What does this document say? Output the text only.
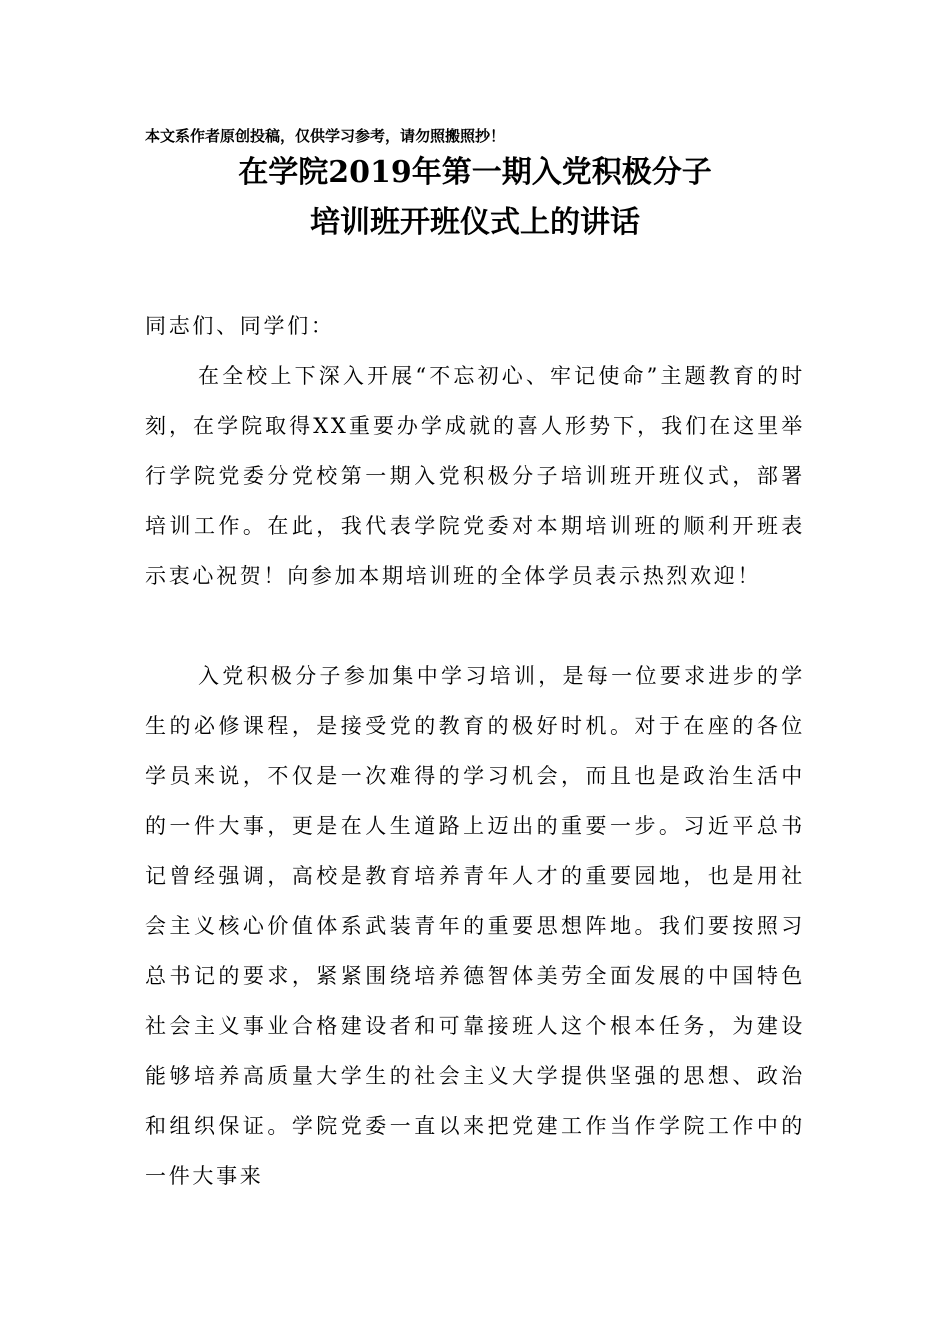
本文系作者原创投稿，仅供学习参考，请勿照搬照抄！
在学院2019年第一期入党积极分子
培训班开班仪式上的讲话
同志们、同学们：
在全校上下深入开展“不忘初心、牢记使命”主题教育的时刻，在学院取得XX重要办学成就的喜人形势下，我们在这里举行学院党委分党校第一期入党积极分子培训班开班仪式，部署培训工作。在此，我代表学院党委对本期培训班的顺利开班表示衷心祝贺！向参加本期培训班的全体学员表示热烈欢迎！
入党积极分子参加集中学习培训，是每一位要求进步的学生的必修课程，是接受党的教育的极好时机。对于在座的各位学员来说，不仅是一次难得的学习机会，而且也是政治生活中的一件大事，更是在人生道路上迈出的重要一步。习近平总书记曾经强调，高校是教育培养青年人才的重要园地，也是用社会主义核心价值体系武装青年的重要思想阵地。我们要按照习总书记的要求，紧紧围绕培养德智体美劳全面发展的中国特色社会主义事业合格建设者和可靠接班人这个根本任务，为建设能够培养高质量大学生的社会主义大学提供坚强的思想、政治和组织保证。学院党委一直以来把党建工作当作学院工作中的一件大事来
